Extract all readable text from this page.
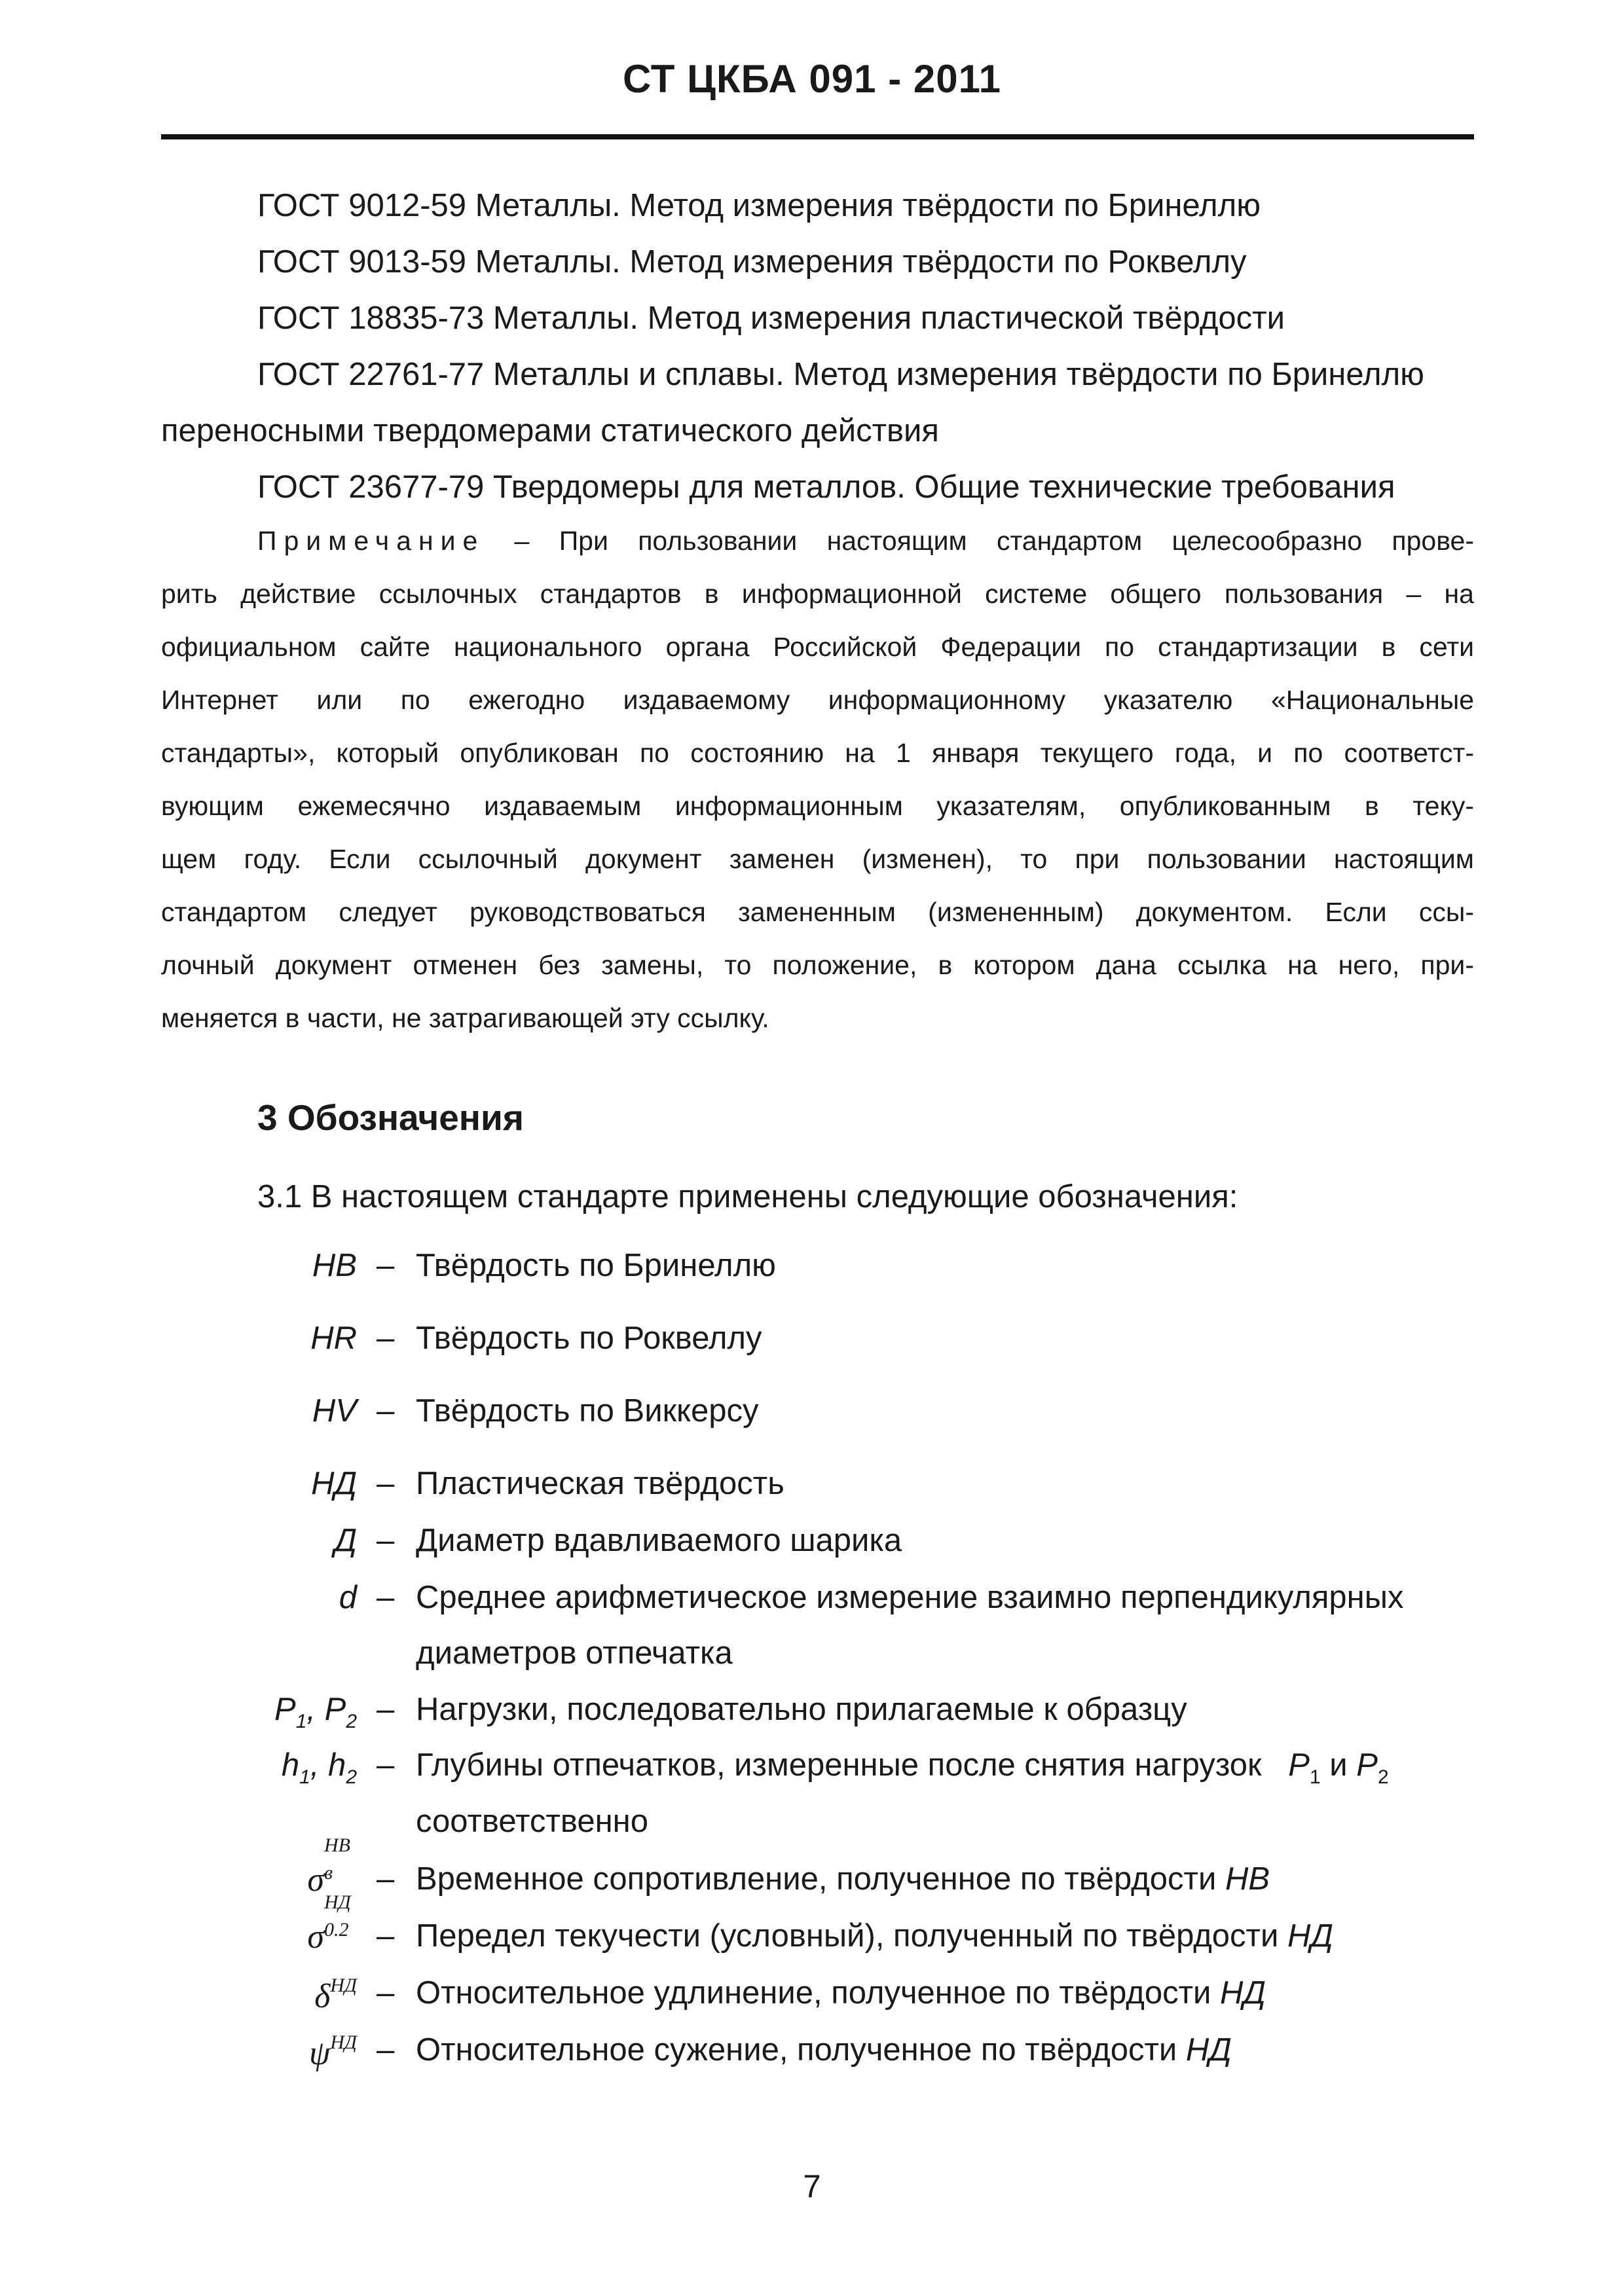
СТ ЦКБА 091 - 2011
ГОСТ 9012-59 Металлы. Метод измерения твёрдости по Бринеллю
ГОСТ 9013-59 Металлы. Метод измерения твёрдости по Роквеллу
ГОСТ 18835-73 Металлы. Метод измерения пластической твёрдости
ГОСТ 22761-77 Металлы и сплавы. Метод измерения твёрдости по Бринеллю
переносными твердомерами статического действия
ГОСТ 23677-79 Твердомеры для металлов. Общие технические требования
Примечание – При пользовании настоящим стандартом целесообразно прове-
рить действие ссылочных стандартов в информационной системе общего пользования – на
официальном сайте национального органа Российской Федерации по стандартизации в сети
Интернет или по ежегодно издаваемому информационному указателю «Национальные
стандарты», который опубликован по состоянию на 1 января текущего года, и по соответст-
вующим ежемесячно издаваемым информационным указателям, опубликованным в теку-
щем году. Если ссылочный документ заменен (изменен), то при пользовании настоящим
стандартом следует руководствоваться замененным (измененным) документом. Если ссы-
лочный документ отменен без замены, то положение, в котором дана ссылка на него, при-
меняется в части, не затрагивающей эту ссылку.
3 Обозначения
3.1 В настоящем стандарте применены следующие обозначения:
HB – Твёрдость по Бринеллю
HR – Твёрдость по Роквеллу
HV – Твёрдость по Виккерсу
НД – Пластическая твёрдость
Д – Диаметр вдавливаемого шарика
d – Среднее арифметическое измерение взаимно перпендикулярных
диаметров отпечатка
$P_1$, $P_2$ – Нагрузки, последовательно прилагаемые к образцу
$h_1$, $h_2$ – Глубины отпечатков, измеренные после снятия нагрузок $P_1$ и $P_2$
соответственно
σ
HB
в
– Временное сопротивление, полученное по твёрдости HB
σ
НД
0.2
– Передел текучести (условный), полученный по твёрдости НД
$\delta^{НД}$ – Относительное удлинение, полученное по твёрдости НД
$\psi^{НД}$ – Относительное сужение, полученное по твёрдости НД
7
